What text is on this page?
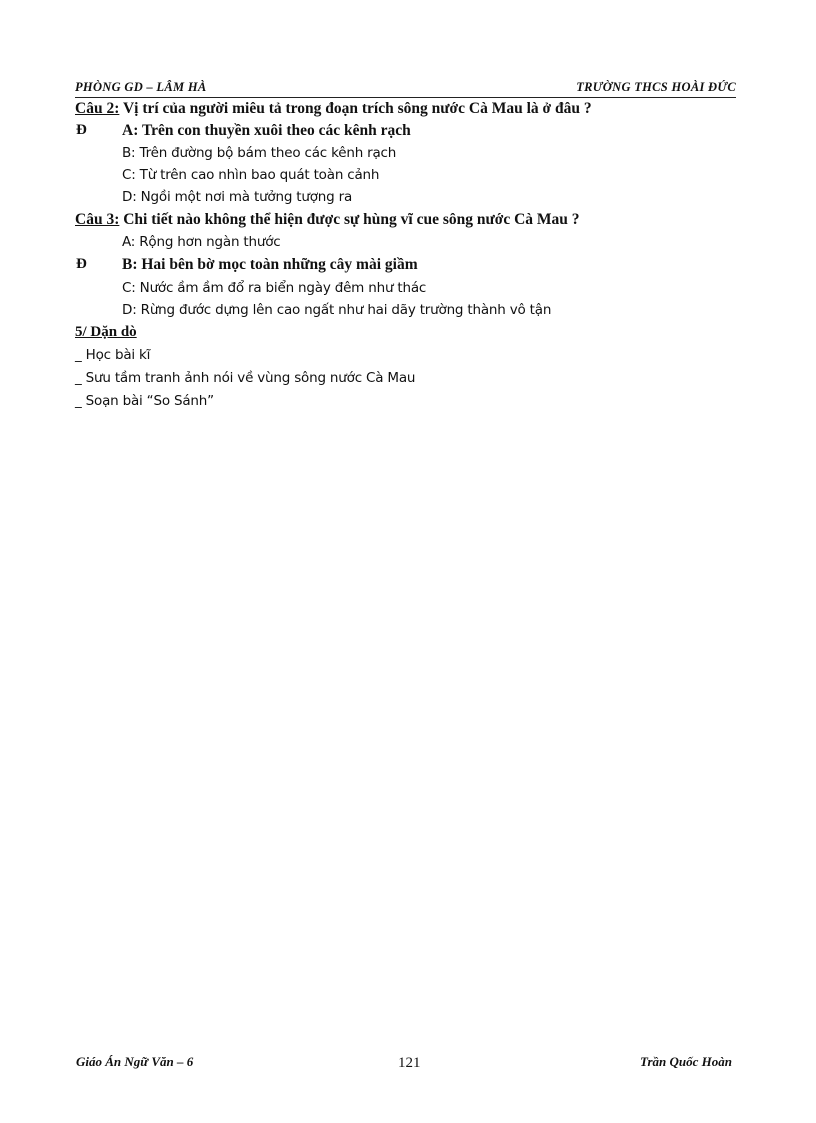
PHÒNG GD – LÂM HÀ	TRƯỜNG THCS HOÀI ĐỨC
Câu 2: Vị trí của người miêu tả trong đoạn trích sông nước Cà Mau là ở đâu ?
Đ A: Trên con thuyền xuôi theo các kênh rạch
B: Trên đường bộ bám theo các kênh rạch
C: Từ trên cao nhìn bao quát toàn cảnh
D: Ngồi một nơi mà tưởng tượng ra
Câu 3: Chi tiết nào không thể hiện được sự hùng vĩ cue sông nước Cà Mau ?
A: Rộng hơn ngàn thước
Đ B: Hai bên bờ mọc toàn những cây mài giầm
C: Nước ầm ầm đổ ra biển ngày đêm như thác
D: Rừng đước dựng lên cao ngất như hai dãy trường thành vô tận
5/ Dặn dò
_ Học bài kĩ
_ Sưu tầm tranh ảnh nói về vùng sông nước Cà Mau
_ Soạn bài “So Sánh”
Giáo Án Ngữ Văn – 6	121	Trần Quốc Hoàn
